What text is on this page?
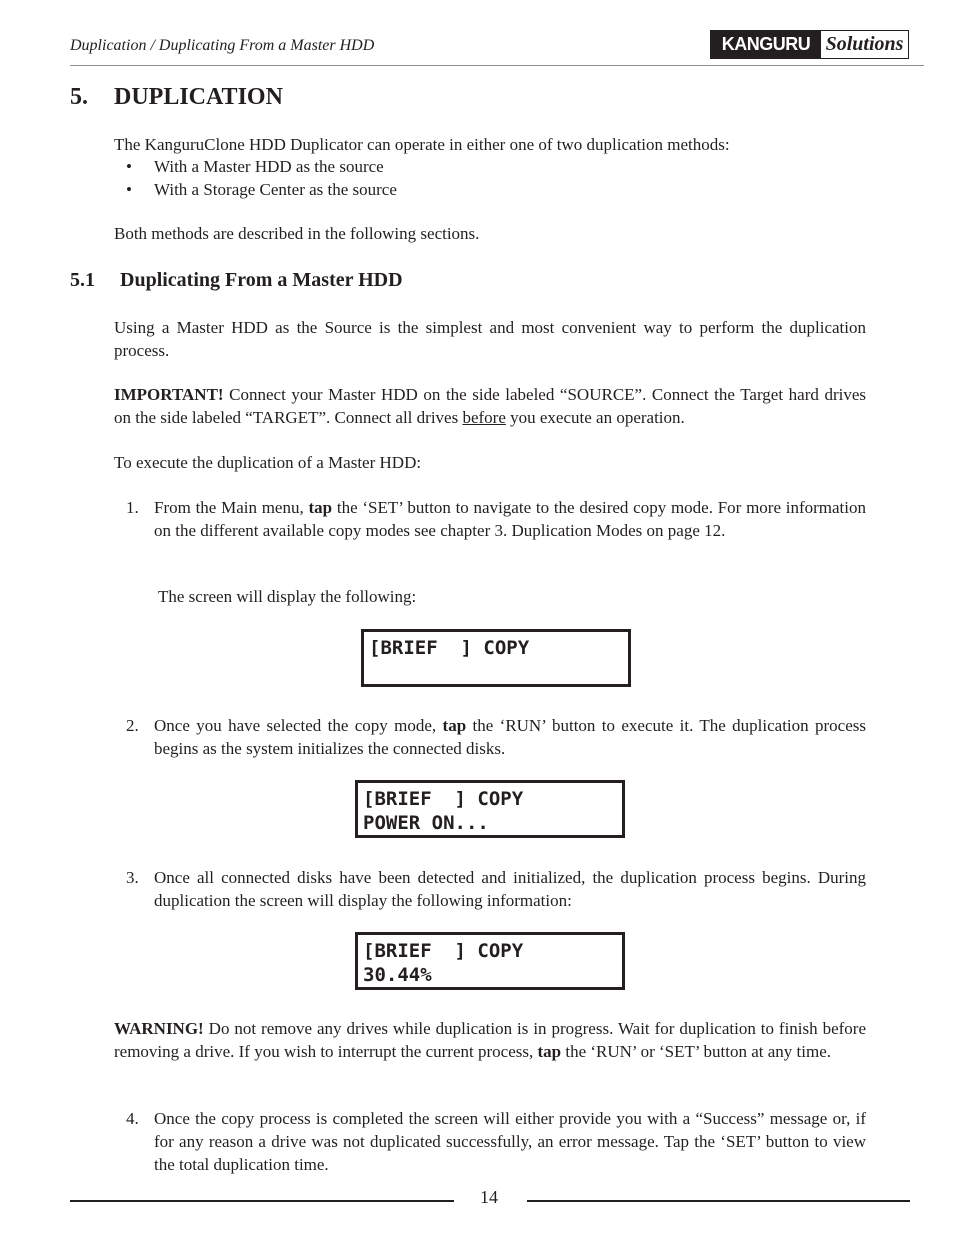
Duplication / Duplicating From a Master HDD	KANGURU Solutions
5. DUPLICATION
The KanguruClone HDD Duplicator can operate in either one of two duplication methods:
•	With a Master HDD as the source
•	With a Storage Center as the source
Both methods are described in the following sections.
5.1 Duplicating From a Master HDD
Using a Master HDD as the Source is the simplest and most convenient way to perform the duplication process.
IMPORTANT! Connect your Master HDD on the side labeled “SOURCE”. Connect the Target hard drives on the side labeled “TARGET”. Connect all drives before you execute an operation.
To execute the duplication of a Master HDD:
1. From the Main menu, tap the ‘SET’ button to navigate to the desired copy mode. For more information on the different available copy modes see chapter 3. Duplication Modes on page 12.
The screen will display the following:
[BRIEF  ] COPY
2. Once you have selected the copy mode, tap the ‘RUN’ button to execute it. The duplication process begins as the system initializes the connected disks.
[BRIEF  ] COPY
POWER ON...
3. Once all connected disks have been detected and initialized, the duplication process begins. During duplication the screen will display the following information:
[BRIEF  ] COPY
30.44%
WARNING! Do not remove any drives while duplication is in progress. Wait for duplication to finish before removing a drive. If you wish to interrupt the current process, tap the ‘RUN’ or ‘SET’ button at any time.
4. Once the copy process is completed the screen will either provide you with a “Success” message or, if for any reason a drive was not duplicated successfully, an error message. Tap the ‘SET’ button to view the total duplication time.
14
